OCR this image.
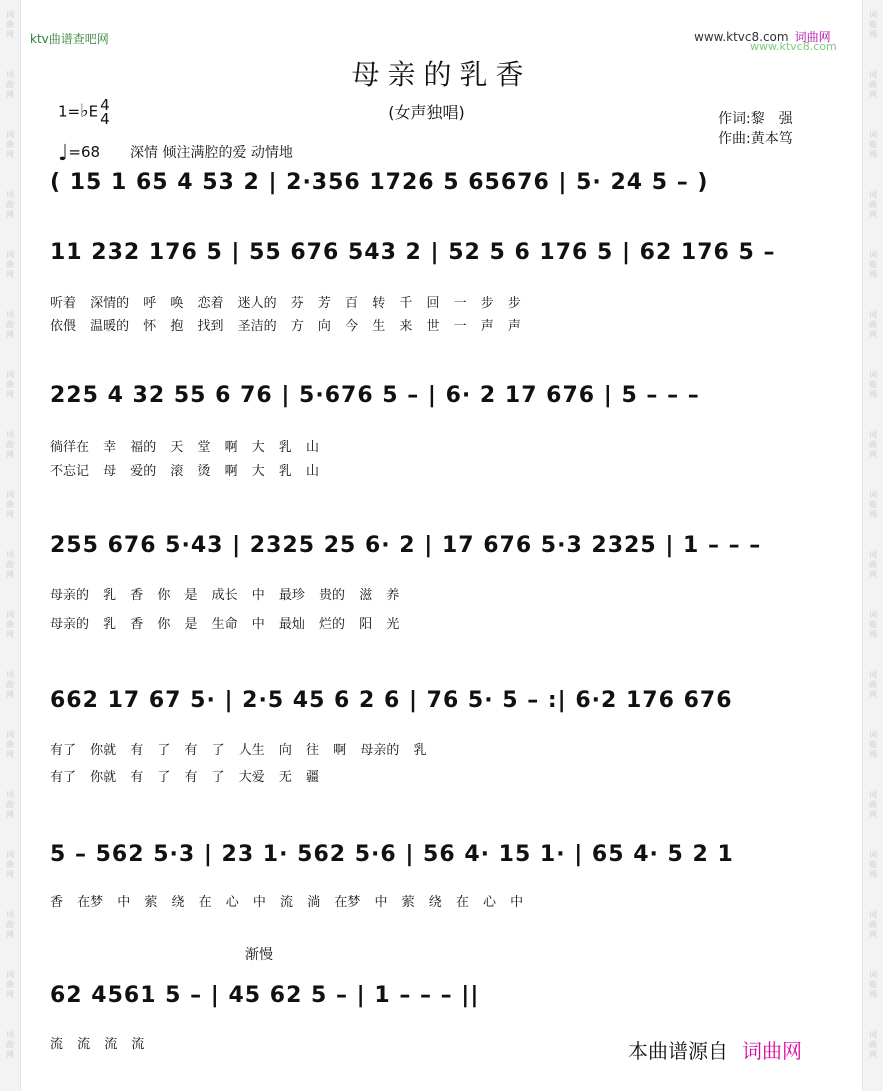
ktv曲谱查吧网	www.ktvc8.com 词曲网
www.ktvc8.com
母亲的乳香
(女声独唱)	作词:黎　强
作曲:黄本笃
1=♭E 4
4
♩=68 深情 倾注满腔的爱 动情地
( 15 1 65 4 53 2 | 2·356 1726 5 65676 | 5· 24 5 – )
11 232 176 5 | 55 676 543 2 | 52 5 6 176 5 | 62 176 5 –
听着 深情的 呼 唤 恋着 迷人的 芬 芳 百 转 千 回 一 步 步
依偎 温暖的 怀 抱 找到 圣洁的 方 向 今 生 来 世 一 声 声
225 4 32 55 6 76 | 5·676 5 – | 6· 2 17 676 | 5 – – –
徜徉在 幸 福的 天 堂 啊 大 乳 山
不忘记 母 爱的 滚 烫 啊 大 乳 山
255 676 5·43 | 2325 25 6· 2 | 17 676 5·3 2325 | 1 – – –
母亲的 乳 香 你 是 成长 中 最珍 贵的 滋 养
母亲的 乳 香 你 是 生命 中 最灿 烂的 阳 光
662 17 67 5· | 2·5 45 6 2 6 | 76 5· 5 – :| 6·2 176 676
有了 你就 有 了 有 了 人生 向 往 啊 母亲的 乳
有了 你就 有 了 有 了 大爱 无 疆
5 – 562 5·3 | 23 1· 562 5·6 | 56 4· 15 1· | 65 4· 5 2 1
香 在梦 中 萦 绕 在 心 中 流 淌 在梦 中 萦 绕 在 心 中
渐慢
62 4561 5 – | 45 62 5 – | 1 – – – ||
流 流 流 流	本曲谱源自 词曲网
词
曲
网
词
曲
网
词
曲
网
词
曲
网
词
曲
网
词
曲
网
词
曲
网
词
曲
网
词
曲
网
词
曲
网
词
曲
网
词
曲
网
词
曲
网
词
曲
网
词
曲
网
词
曲
网
词
曲
网
词
曲
网
词
曲
网
词
曲
网
词
曲
网
词
曲
网
词
曲
网
词
曲
网
词
曲
网
词
曲
网
词
曲
网
词
曲
网
词
曲
网
词
曲
网
词
曲
网
词
曲
网
词
曲
网
词
曲
网
词
曲
网
词
曲
网
